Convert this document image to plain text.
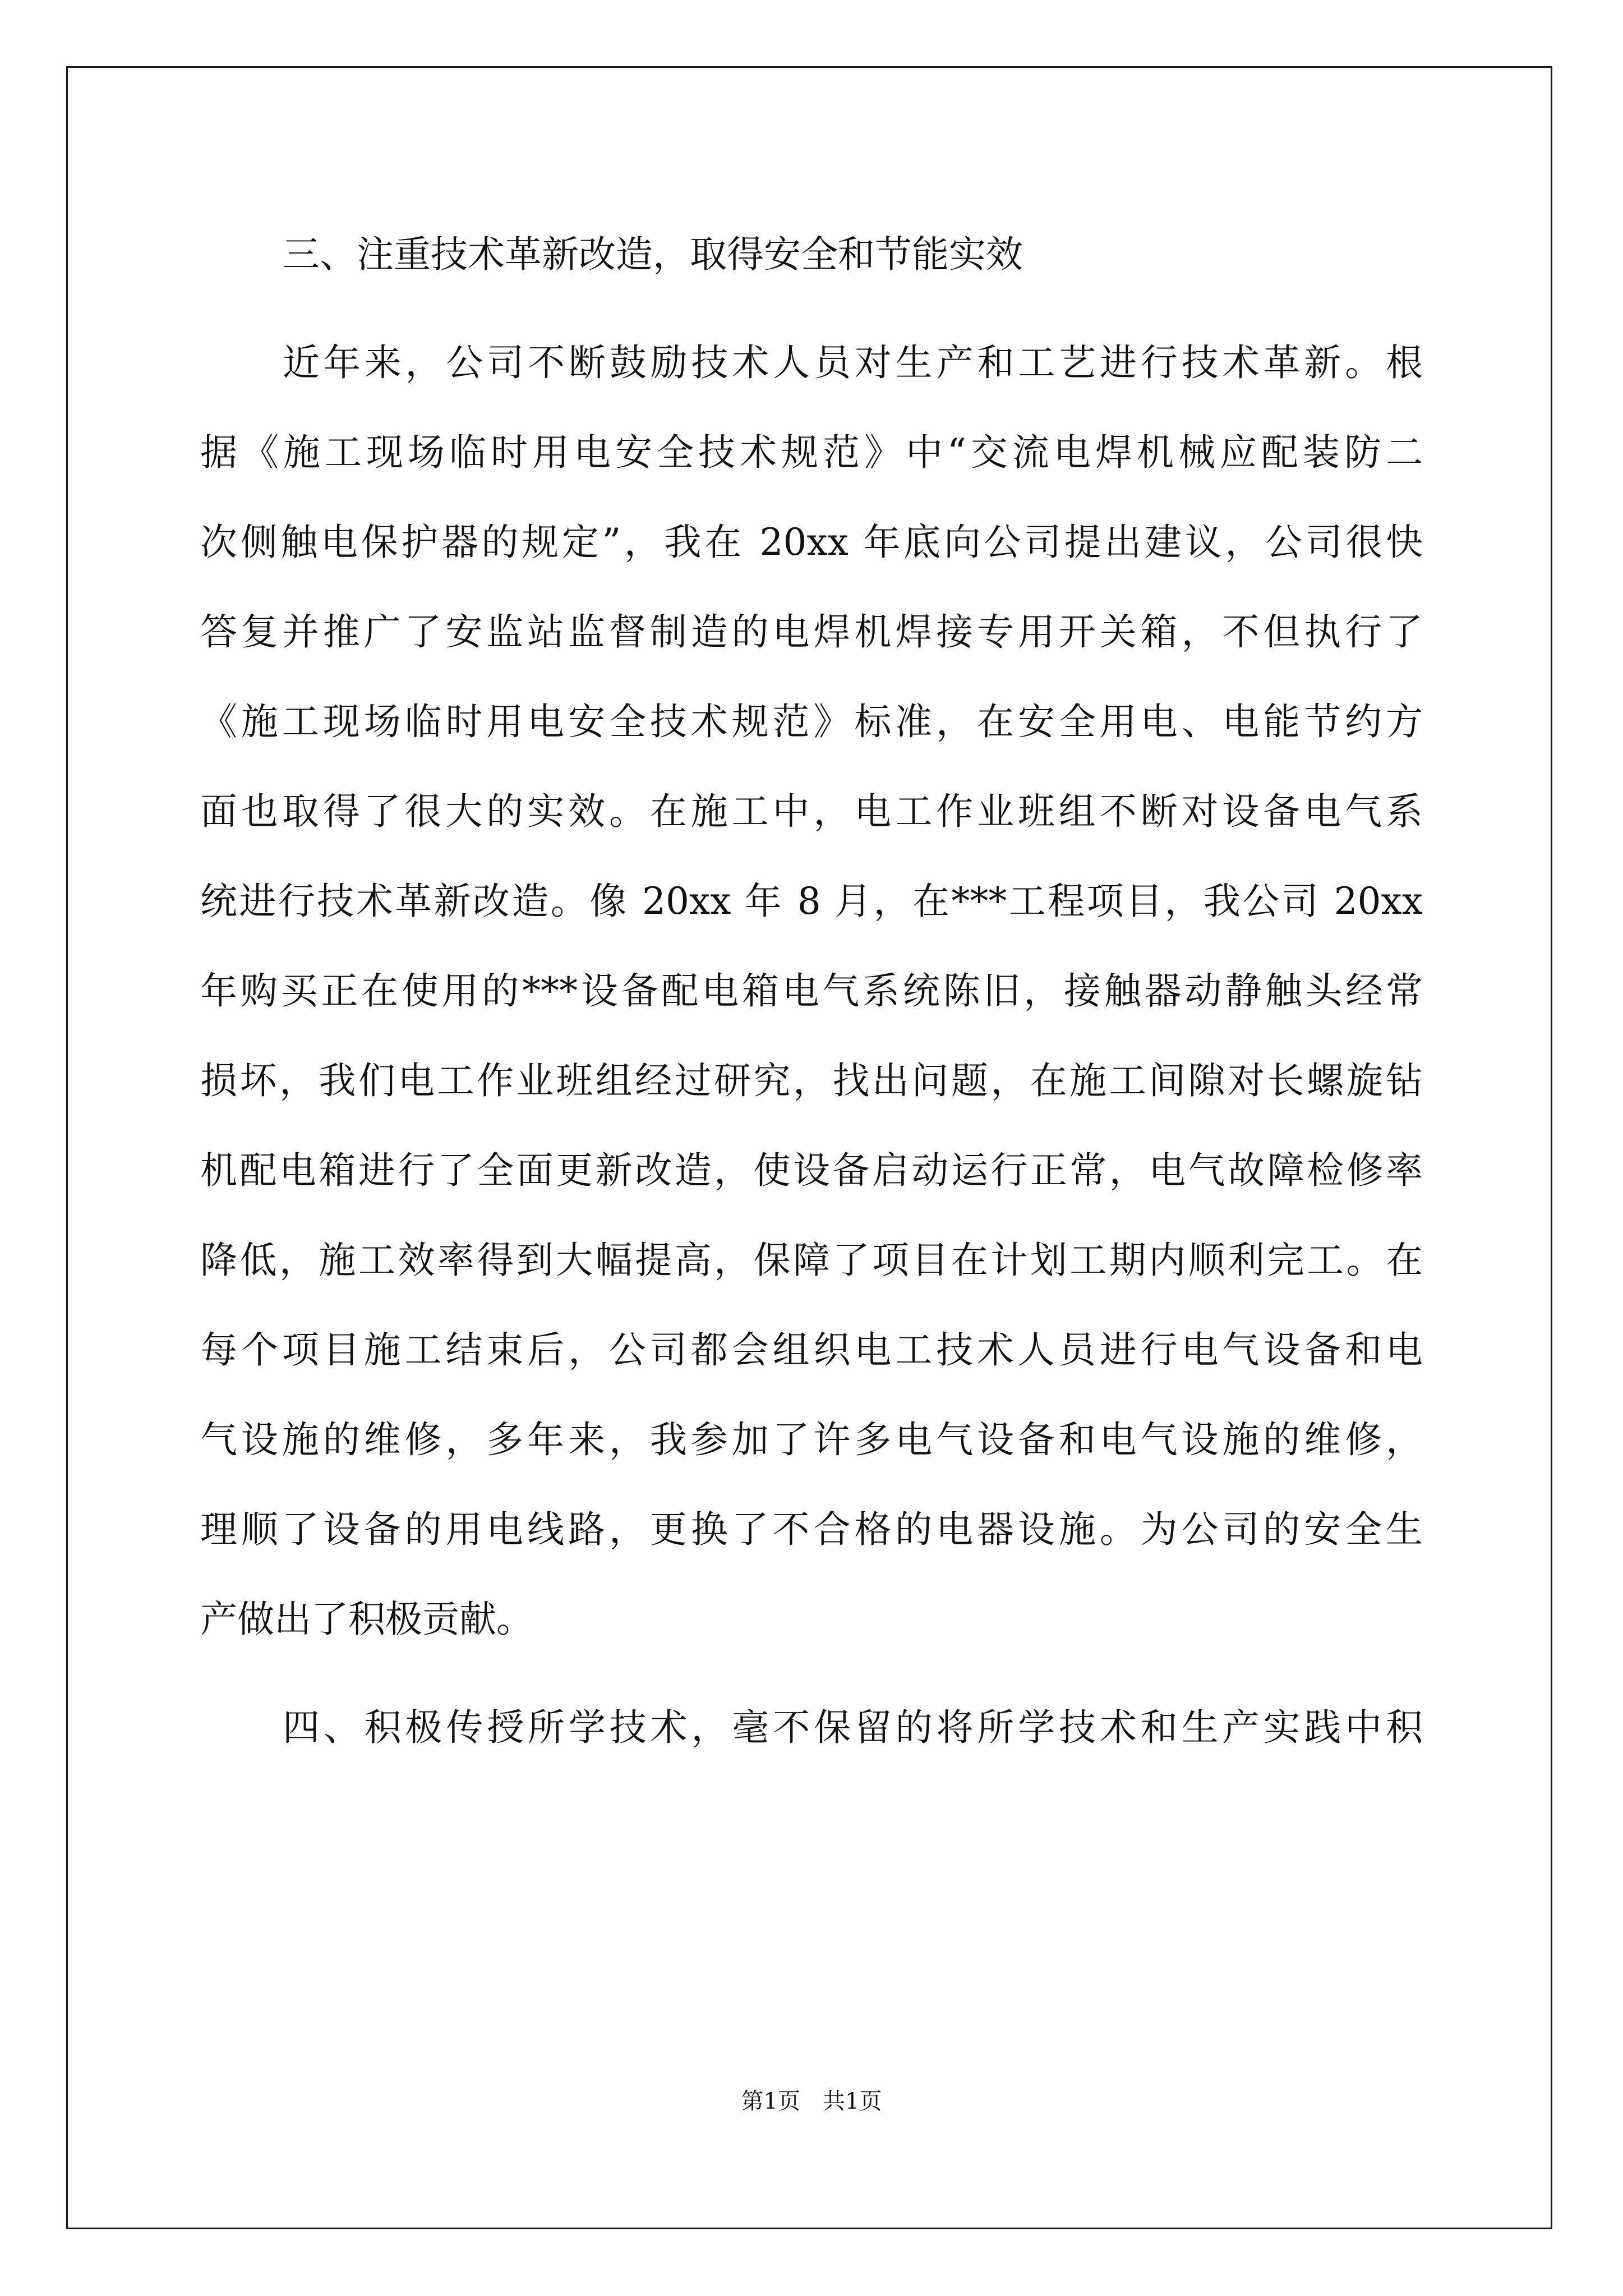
三、注重技术革新改造，取得安全和节能实效
近年来，公司不断鼓励技术人员对生产和工艺进行技术革新。根
据《施工现场临时用电安全技术规范》中“交流电焊机械应配装防二
次侧触电保护器的规定”，我在 20xx 年底向公司提出建议，公司很快
答复并推广了安监站监督制造的电焊机焊接专用开关箱，不但执行了
《施工现场临时用电安全技术规范》标准，在安全用电、电能节约方
面也取得了很大的实效。在施工中，电工作业班组不断对设备电气系
统进行技术革新改造。像 20xx 年 8 月，在***工程项目，我公司 20xx
年购买正在使用的***设备配电箱电气系统陈旧，接触器动静触头经常
损坏，我们电工作业班组经过研究，找出问题，在施工间隙对长螺旋钻
机配电箱进行了全面更新改造，使设备启动运行正常，电气故障检修率
降低，施工效率得到大幅提高，保障了项目在计划工期内顺利完工。在
每个项目施工结束后，公司都会组织电工技术人员进行电气设备和电
气设施的维修，多年来，我参加了许多电气设备和电气设施的维修，
理顺了设备的用电线路，更换了不合格的电器设施。为公司的安全生
产做出了积极贡献。
四、积极传授所学技术，毫不保留的将所学技术和生产实践中积
第1页　共1页
